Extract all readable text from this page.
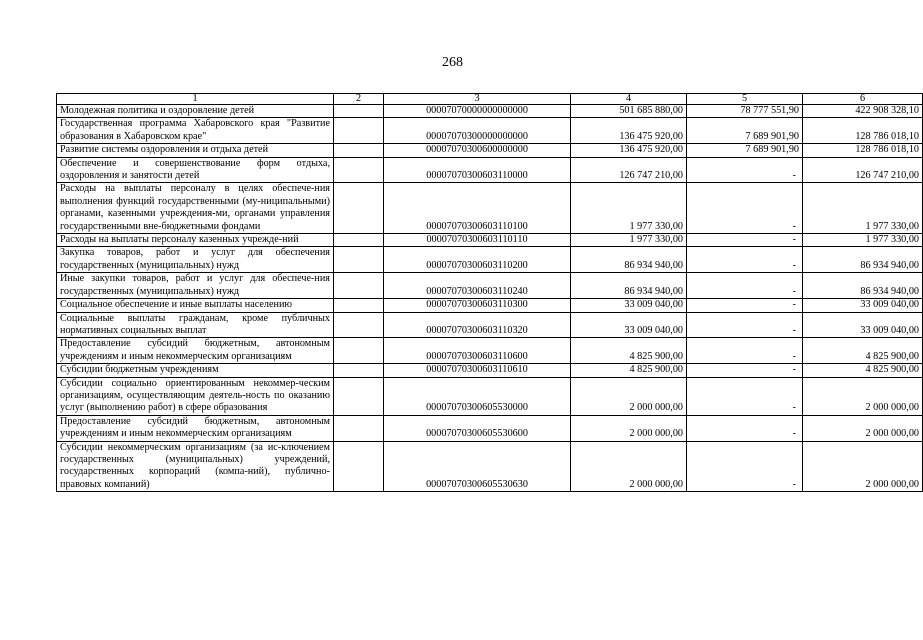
268
1	2	3	4	5	6
Молодежная политика и оздоровление детей		00007070000000000000	501 685 880,00	78 777 551,90	422 908 328,10
Государственная программа Хабаровского края "Развитие образования в Хабаровском крае"		00007070300000000000	136 475 920,00	7 689 901,90	128 786 018,10
Развитие системы оздоровления и отдыха детей		00007070300600000000	136 475 920,00	7 689 901,90	128 786 018,10
Обеспечение и совершенствование форм отдыха, оздоровления и занятости детей		00007070300603110000	126 747 210,00	-	126 747 210,00
Расходы на выплаты персоналу в целях обеспече-ния выполнения функций государственными (му-ниципальными) органами, казенными учреждения-ми, органами управления государственными вне-бюджетными фондами		00007070300603110100	1 977 330,00	-	1 977 330,00
Расходы на выплаты персоналу казенных учрежде-ний		00007070300603110110	1 977 330,00	-	1 977 330,00
Закупка товаров, работ и услуг для обеспечения государственных (муниципальных) нужд		00007070300603110200	86 934 940,00	-	86 934 940,00
Иные закупки товаров, работ и услуг для обеспече-ния государственных (муниципальных) нужд		00007070300603110240	86 934 940,00	-	86 934 940,00
Социальное обеспечение и иные выплаты населению		00007070300603110300	33 009 040,00	-	33 009 040,00
Социальные выплаты гражданам, кроме публичных нормативных социальных выплат		00007070300603110320	33 009 040,00	-	33 009 040,00
Предоставление субсидий бюджетным, автономным учреждениям и иным некоммерческим организациям		00007070300603110600	4 825 900,00	-	4 825 900,00
Субсидии бюджетным учреждениям		00007070300603110610	4 825 900,00	-	4 825 900,00
Субсидии социально ориентированным некоммер-ческим организациям, осуществляющим деятель-ность по оказанию услуг (выполнению работ) в сфере образования		00007070300605530000	2 000 000,00	-	2 000 000,00
Предоставление субсидий бюджетным, автономным учреждениям и иным некоммерческим организациям		00007070300605530600	2 000 000,00	-	2 000 000,00
Субсидии некоммерческим организациям (за ис-ключением государственных (муниципальных) учреждений, государственных корпораций (компа-ний), публично-правовых компаний)		00007070300605530630	2 000 000,00	-	2 000 000,00
